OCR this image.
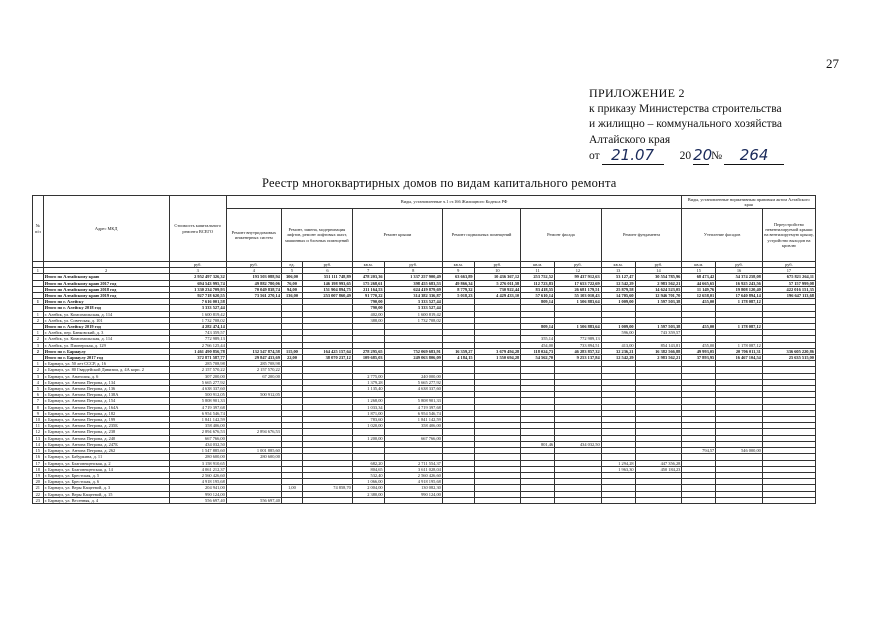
27
ПРИЛОЖЕНИЕ 2
к приказу Министерства строительства
и жилищно – коммунального хозяйства
Алтайского края
от 21.07	20 20
№	264
Реестр многоквартирных домов по видам капитального ремонта
№ п/п	Адрес МКД	Стоимость капитального ремонта ВСЕГО	Виды, установленные ч.1 ст.166 Жилищного Кодекса РФ											Виды, установленные нормативным правовым актом Алтайского края		
			Ремонт внутридомовых инженерных систем	Ремонт, замена, модернизация лифтов, ремонт лифтовых шахт, машинных и блочных помещений		Ремонт крыши		Ремонт подвальных помещений		Ремонт фасада		Ремонт фундамента		Утепление фасадов		Переустройство невентилируемой крыши на вентилируемую крышу, устройство выходов на кровлю
		руб.	руб.	ед.	руб.	кв.м.	руб.	кв.м.	руб.	кв.м.	руб.	кв.м.	руб.	кв.м.	руб.	руб.
1	2	3	4	5	6	7	8	9	10	11	12	13	14	15	16	17
	Итого по Алтайскому краю	2 952 497 326,32	193 503 088,94	306,00	551 111 748,89	478 203,36	1 337 257 900,49	63 663,89	10 436 367,12	253 752,52	99 437 912,63	53 127,47	30 554 785,96	68 473,42	54 374 258,08	675 821 264,11
	Итого по Алтайскому краю 2017 год	694 543 995,74	49 882 780,06	76,00	146 198 993,65	175 268,61	398 455 683,53	49 866,34	5 276 011,58	112 723,83	17 653 722,69	12 542,29	2 983 562,21	44 665,65	16 925 243,56	57 157 999,08
	Итого по Алтайскому краю 2018 год	1 330 234 709,93	70 049 838,74	94,00	151 904 894,75	211 164,53	624 419 879,69	8 779,32	730 922,44	83 418,55	26 681 179,51	25 879,58	14 624 523,05	11 149,76	19 808 120,40	422 016 151,35
	Итого по Алтайскому краю 2019 год	927 718 620,55	73 561 270,14	136,00	253 007 860,49	91 770,22	314 382 336,87	5 018,23	4 429 433,10	57 610,14	55 103 010,43	14 705,60	12 946 701,70	12 658,01	17 640 894,14	196 647 113,68
1	Итого по г. Алейску	7 616 001,58				790,00	3 333 527,44			809,14	1 506 883,64	1 009,00	1 597 503,38	455,00	1 178 087,12	
	Итого по г. Алейску 2018 год	3 333 527,44				790,00	3 333 527,44									
1	г. Алейск, ул. Комсомольская, д. 114	1 600 819,42				402,00	1 600 819,42									
2	г. Алейск, ул. Советская, д. 101	1 732 708,02				388,00	1 732 708,02									
	Итого по г. Алейску 2019 год	4 282 474,14								809,14	1 506 883,64	1 009,00	1 597 503,38	455,00	1 178 087,12	
1	г. Алейск, пер. Банковский, д. 3	743 359,57										596,00	743 359,57			
2	г. Алейск, ул. Комсомольская, д. 114	772 989,13								355,14	772 989,13					
3	г. Алейск, ул. Пионерская, д. 129	2 766 125,44								454,00	733 894,51	413,00	854 143,81	455,00	1 178 087,12	
2	Итого по г. Барнаулу	1 461 490 856,78	132 547 874,58	115,00	164 425 157,64	278 295,65	752 069 683,91	16 359,27	3 679 494,28	118 024,73	46 283 857,32	32 236,21	16 382 566,88	49 993,05	20 706 011,31	336 605 220,86
	Итого по г. Барнаулу 2017 год	372 871 587,77	29 847 433,69	22,00	38 070 237,12	109 685,03	249 063 806,09	4 184,15	1 550 694,28	54 562,70	9 253 137,84	12 542,29	2 983 562,21	37 893,95	16 467 104,54	25 635 515,00
1	г. Барнаул, ул. 50 лет СССР, д. 16	285 708,98	285 708,98													
2	г. Барнаул, ул. 80 Гвардейской Дивизии, д. 4А корп. 2	2 157 570,22	2 157 570,22													
3	г. Барнаул, ул. Анатолия, д. 6	307 200,00	67 200,00			2 775,00	240 000,00									
4	г. Барнаул, ул. Антона Петрова, д. 134	5 665 277,92				1 379,28	5 665 277,92									
5	г. Барнаул, ул. Антона Петрова, д. 136	4 638 337,60				1 135,40	4 638 337,60									
6	г. Барнаул, ул. Антона Петрова, д. 138А	500 912,05	500 912,05													
7	г. Барнаул, ул. Антона Петрова, д. 154	5 808 901,33				1 268,00	5 808 901,33									
8	г. Барнаул, ул. Антона Петрова, д. 164А	4 719 397,68				1 033,34	4 719 397,68									
9	г. Барнаул, ул. Антона Петрова, д. 182	6 954 546,74				1 871,00	6 954 546,74									
10	г. Барнаул, ул. Антона Петрова, д. 199	1 841 142,59				783,60	1 841 142,59									
11	г. Барнаул, ул. Антона Петрова, д. 235Б	358 406,00				1 020,00	358 406,00									
12	г. Барнаул, ул. Антона Петрова, д. 238	2 894 676,53	2 894 676,53													
13	г. Барнаул, ул. Антона Петрова, д. 240	667 766,00				1 200,00	667 766,00									
14	г. Барнаул, ул. Антона Петрова, д. 247Б	434 032,50								801,46	434 032,50					
15	г. Барнаул, ул. Антона Петрова, д. 262	1 547 885,60	1 001 885,60											794,57	546 000,00	
16	г. Барнаул, ул. Бабуркина, д. 11	280 600,00	280 600,00													
17	г. Барнаул, ул. Благовещенская, д. 2	3 158 910,65				682,20	2 711 554,37					1 294,28	447 356,28			
18	г. Барнаул, ул. Благовещенская, д. 14	4 061 212,37				804,65	3 611 028,04					1 963,30	450 184,23			
19	г. Барнаул, ул. Брестская, д. 5	2 560 426,60				532,40	2 560 426,60									
20	г. Барнаул, ул. Брестская, д. 6	4 918 195,68				1 066,00	4 918 195,68									
21	г. Барнаул, ул. Веры Кащеевой, д. 3	204 941,00		1,00	74 858,70	2 004,00	130 082,30									
22	г. Барнаул, ул. Веры Кащеевой, д. 15	990 124,00				2 380,00	990 124,00									
23	г. Барнаул, ул. Весенняя, д. 4	556 697,40	556 697,40													
